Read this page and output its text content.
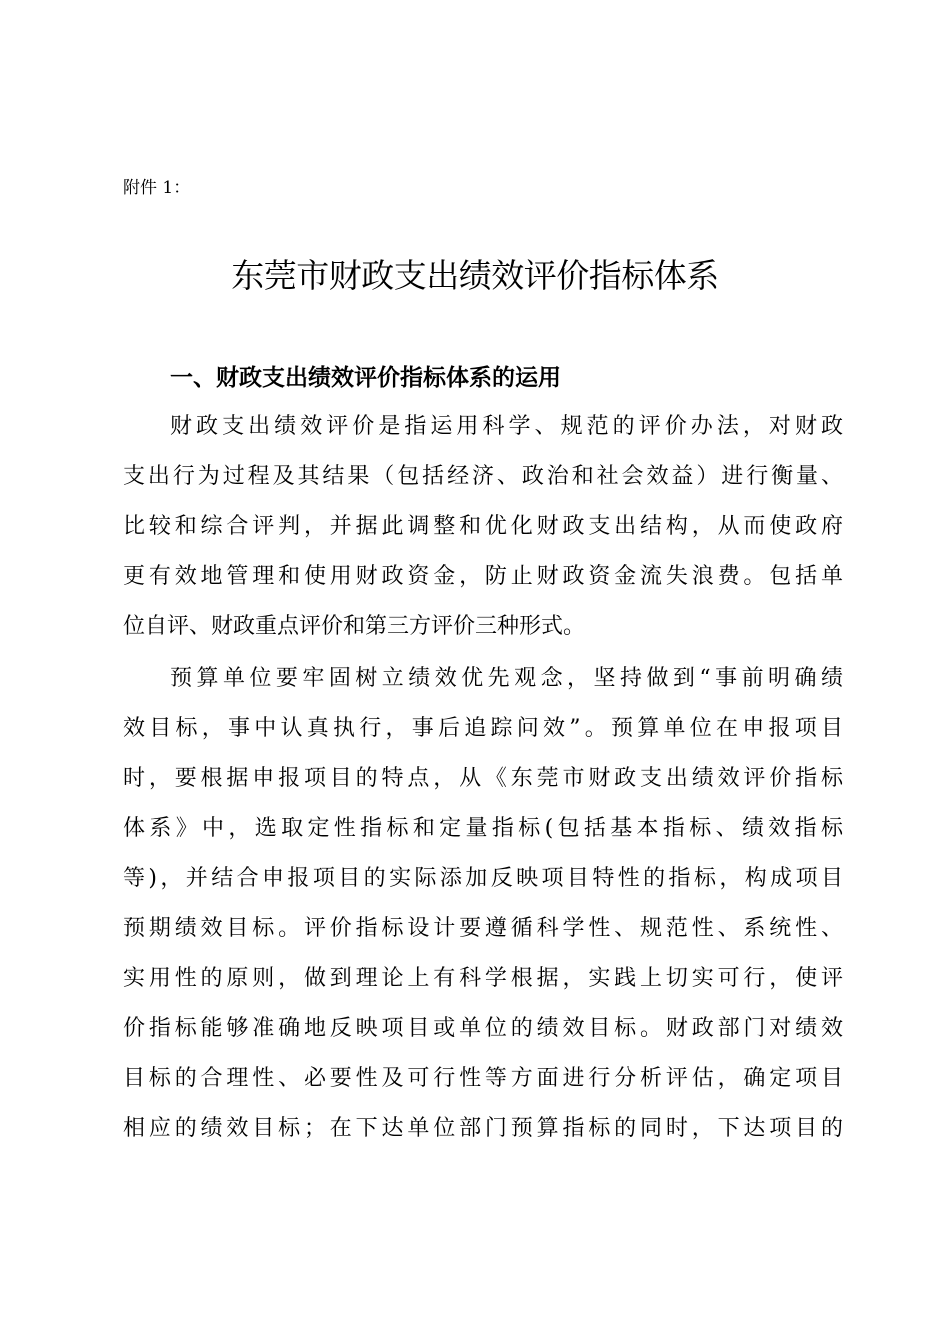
附件 1：
东莞市财政支出绩效评价指标体系
一、财政支出绩效评价指标体系的运用
财政支出绩效评价是指运用科学、规范的评价办法，对财政
支出行为过程及其结果（包括经济、政治和社会效益）进行衡量、
比较和综合评判，并据此调整和优化财政支出结构，从而使政府
更有效地管理和使用财政资金，防止财政资金流失浪费。包括单
位自评、财政重点评价和第三方评价三种形式。
预算单位要牢固树立绩效优先观念，坚持做到“事前明确绩
效目标，事中认真执行，事后追踪问效”。预算单位在申报项目
时，要根据申报项目的特点，从《东莞市财政支出绩效评价指标
体系》中，选取定性指标和定量指标(包括基本指标、绩效指标
等)，并结合申报项目的实际添加反映项目特性的指标，构成项目
预期绩效目标。评价指标设计要遵循科学性、规范性、系统性、
实用性的原则，做到理论上有科学根据，实践上切实可行，使评
价指标能够准确地反映项目或单位的绩效目标。财政部门对绩效
目标的合理性、必要性及可行性等方面进行分析评估，确定项目
相应的绩效目标；在下达单位部门预算指标的同时，下达项目的
